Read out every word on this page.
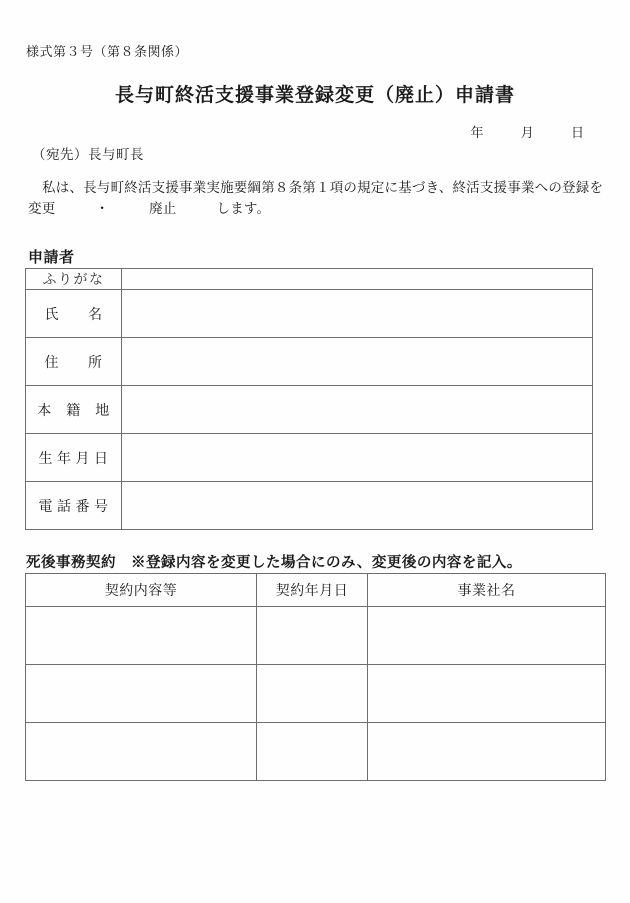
様式第３号（第８条関係）
長与町終活支援事業登録変更（廃止）申請書
年	月	日
（宛先）長与町長
私は、長与町終活支援事業実施要綱第８条第１項の規定に基づき、終活支援事業への登録を
変更	・	廃止	します。
申請者
ふりがな	
氏　　名	
住　　所	
本　籍　地	
生 年 月 日	
電 話 番 号	
死後事務契約　※登録内容を変更した場合にのみ、変更後の内容を記入。
契約内容等	契約年月日	事業社名
